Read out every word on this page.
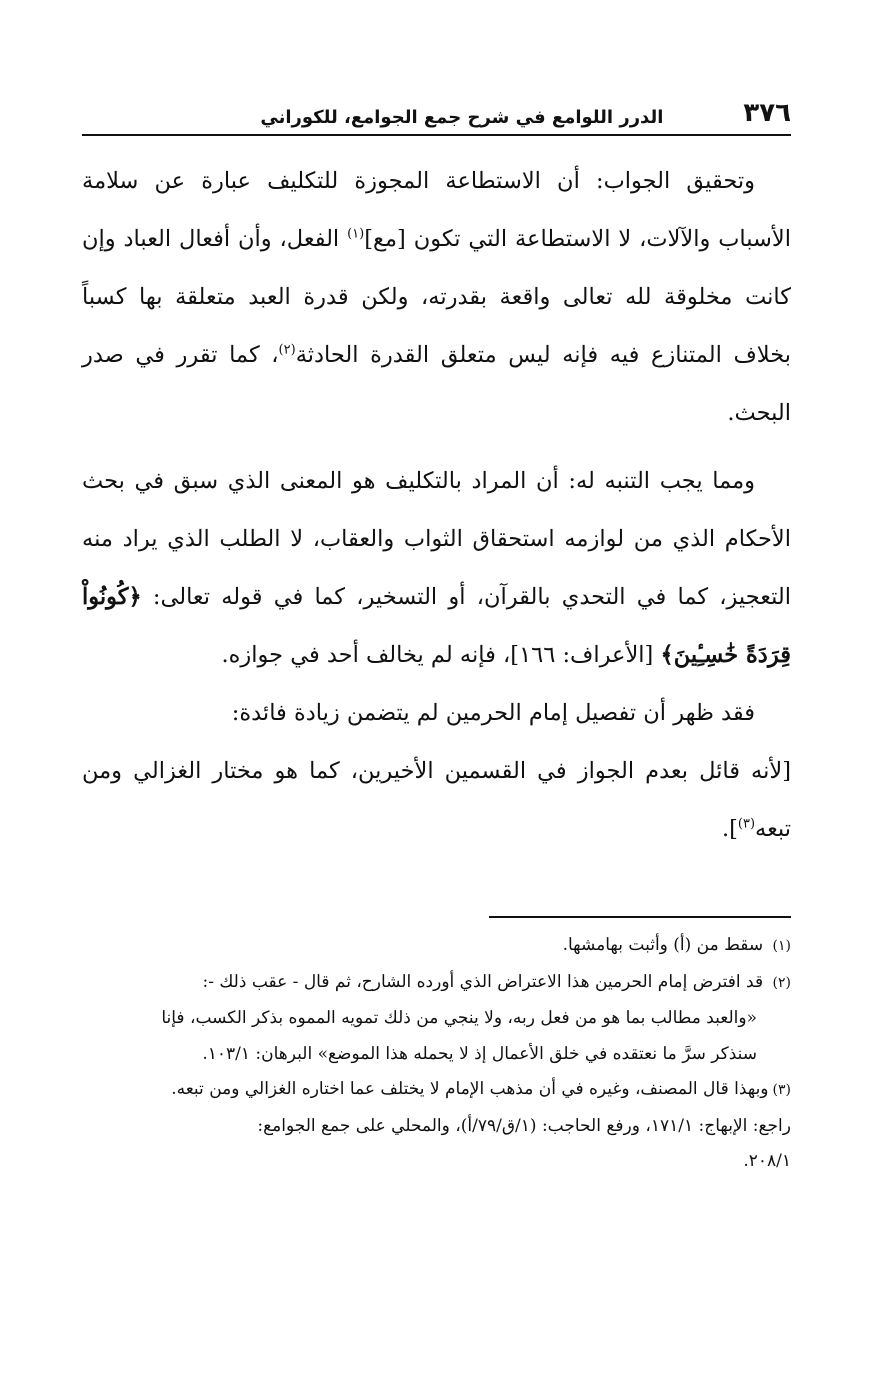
٣٧٦
الدرر اللوامع في شرح جمع الجوامع، للكوراني

وتحقيق الجواب: أن الاستطاعة المجوزة للتكليف عبارة عن سلامة الأسباب والآلات، لا الاستطاعة التي تكون [مع]$^{(١)}$ الفعل، وأن أفعال العباد وإن كانت مخلوقة لله تعالى واقعة بقدرته، ولكن قدرة العبد متعلقة بها كسباً بخلاف المتنازع فيه فإنه ليس متعلق القدرة الحادثة$^{(٢)}$، كما تقرر في صدر البحث.

ومما يجب التنبه له: أن المراد بالتكليف هو المعنى الذي سبق في بحث الأحكام الذي من لوازمه استحقاق الثواب والعقاب، لا الطلب الذي يراد منه التعجيز، كما في التحدي بالقرآن، أو التسخير، كما في قوله تعالى: ﴿كُونُواْ قِرَدَةً خَٰسِـِٔينَ﴾ [الأعراف: ١٦٦]، فإنه لم يخالف أحد في جوازه.

فقد ظهر أن تفصيل إمام الحرمين لم يتضمن زيادة فائدة:

[لأنه قائل بعدم الجواز في القسمين الأخيرين، كما هو مختار الغزالي ومن تبعه$^{(٣)}$].

(١) سقط من (أ) وأثبت بهامشها.

(٢) قد افترض إمام الحرمين هذا الاعتراض الذي أورده الشارح، ثم قال - عقب ذلك -:

«والعبد مطالب بما هو من فعل ربه، ولا ينجي من ذلك تمويه المموه بذكر الكسب، فإنا

سنذكر سرَّ ما نعتقده في خلق الأعمال إذ لا يحمله هذا الموضع» البرهان: ١٠٣/١.

(٣)وبهذا قال المصنف، وغيره في أن مذهب الإمام لا يختلف عما اختاره الغزالي ومن تبعه.

راجع: الإبهاج: ١٧١/١، ورفع الحاجب: (١/ق/٧٩/أ)، والمحلي على جمع الجوامع:

٢٠٨/١.
